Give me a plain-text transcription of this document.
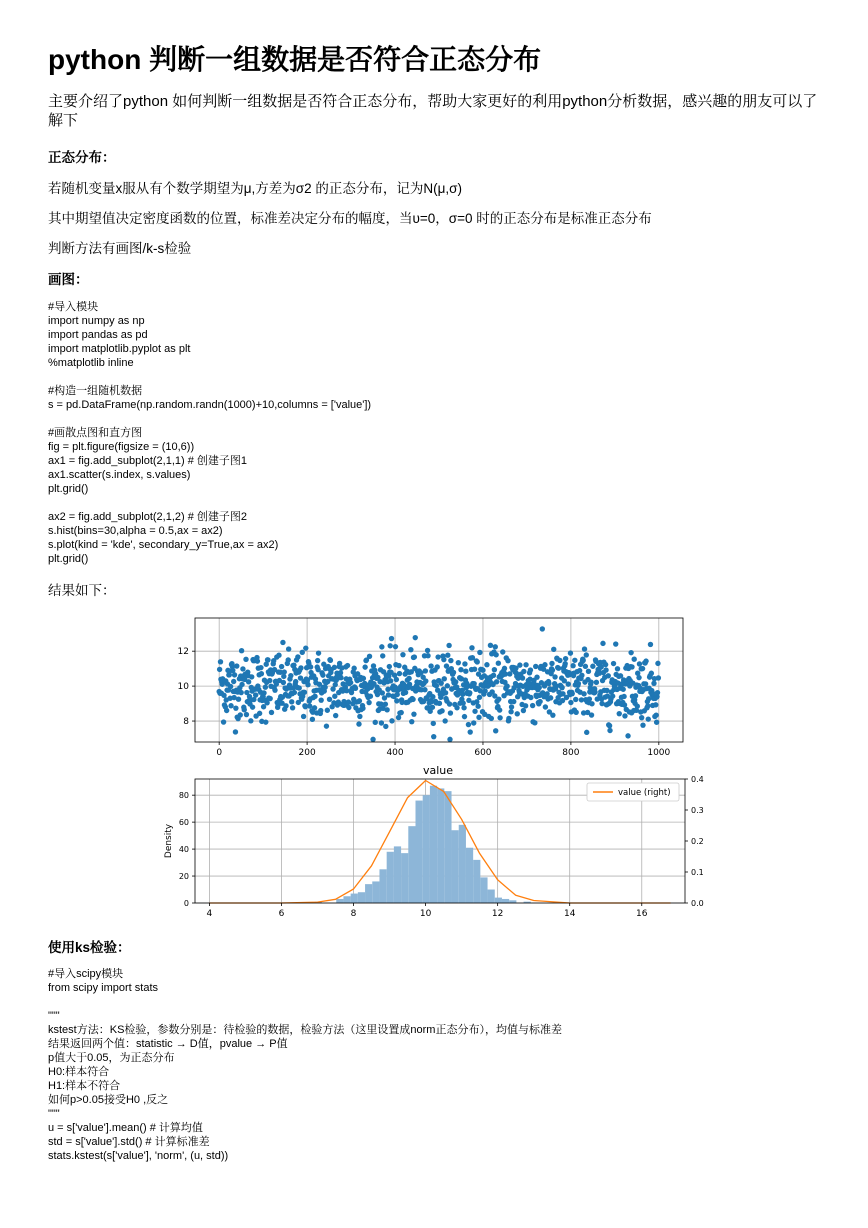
python 判断一组数据是否符合正态分布
主要介绍了python 如何判断一组数据是否符合正态分布，帮助大家更好的利用python分析数据，感兴趣的朋友可以了解下
正态分布：
若随机变量x服从有个数学期望为μ,方差为σ2 的正态分布，记为N(μ,σ)
其中期望值决定密度函数的位置，标准差决定分布的幅度，当υ=0，σ=0 时的正态分布是标准正态分布
判断方法有画图/k-s检验
画图：
#导入模块
import numpy as np
import pandas as pd
import matplotlib.pyplot as plt
%matplotlib inline
#构造一组随机数据
s = pd.DataFrame(np.random.randn(1000)+10,columns = ['value'])
#画散点图和直方图
fig = plt.figure(figsize = (10,6))
ax1 = fig.add_subplot(2,1,1) # 创建子图1
ax1.scatter(s.index, s.values)
plt.grid()
ax2 = fig.add_subplot(2,1,2) # 创建子图2
s.hist(bins=30,alpha = 0.5,ax = ax2)
s.plot(kind = 'kde', secondary_y=True,ax = ax2)
plt.grid()
结果如下：
0	200	400	600	800	1000
8
10
12
value
4	6	8	10	12	14	16
0
20
40
60
80
0.0
0.1
0.2
0.3
0.4
Density
value (right)
使用ks检验：
#导入scipy模块
from scipy import stats
"""
kstest方法：KS检验，参数分别是：待检验的数据，检验方法（这里设置成norm正态分布），均值与标准差
结果返回两个值：statistic → D值，pvalue → P值
p值大于0.05，为正态分布
H0:样本符合
H1:样本不符合
如何p>0.05接受H0 ,反之
"""
u = s['value'].mean() # 计算均值
std = s['value'].std() # 计算标准差
stats.kstest(s['value'], 'norm', (u, std))
